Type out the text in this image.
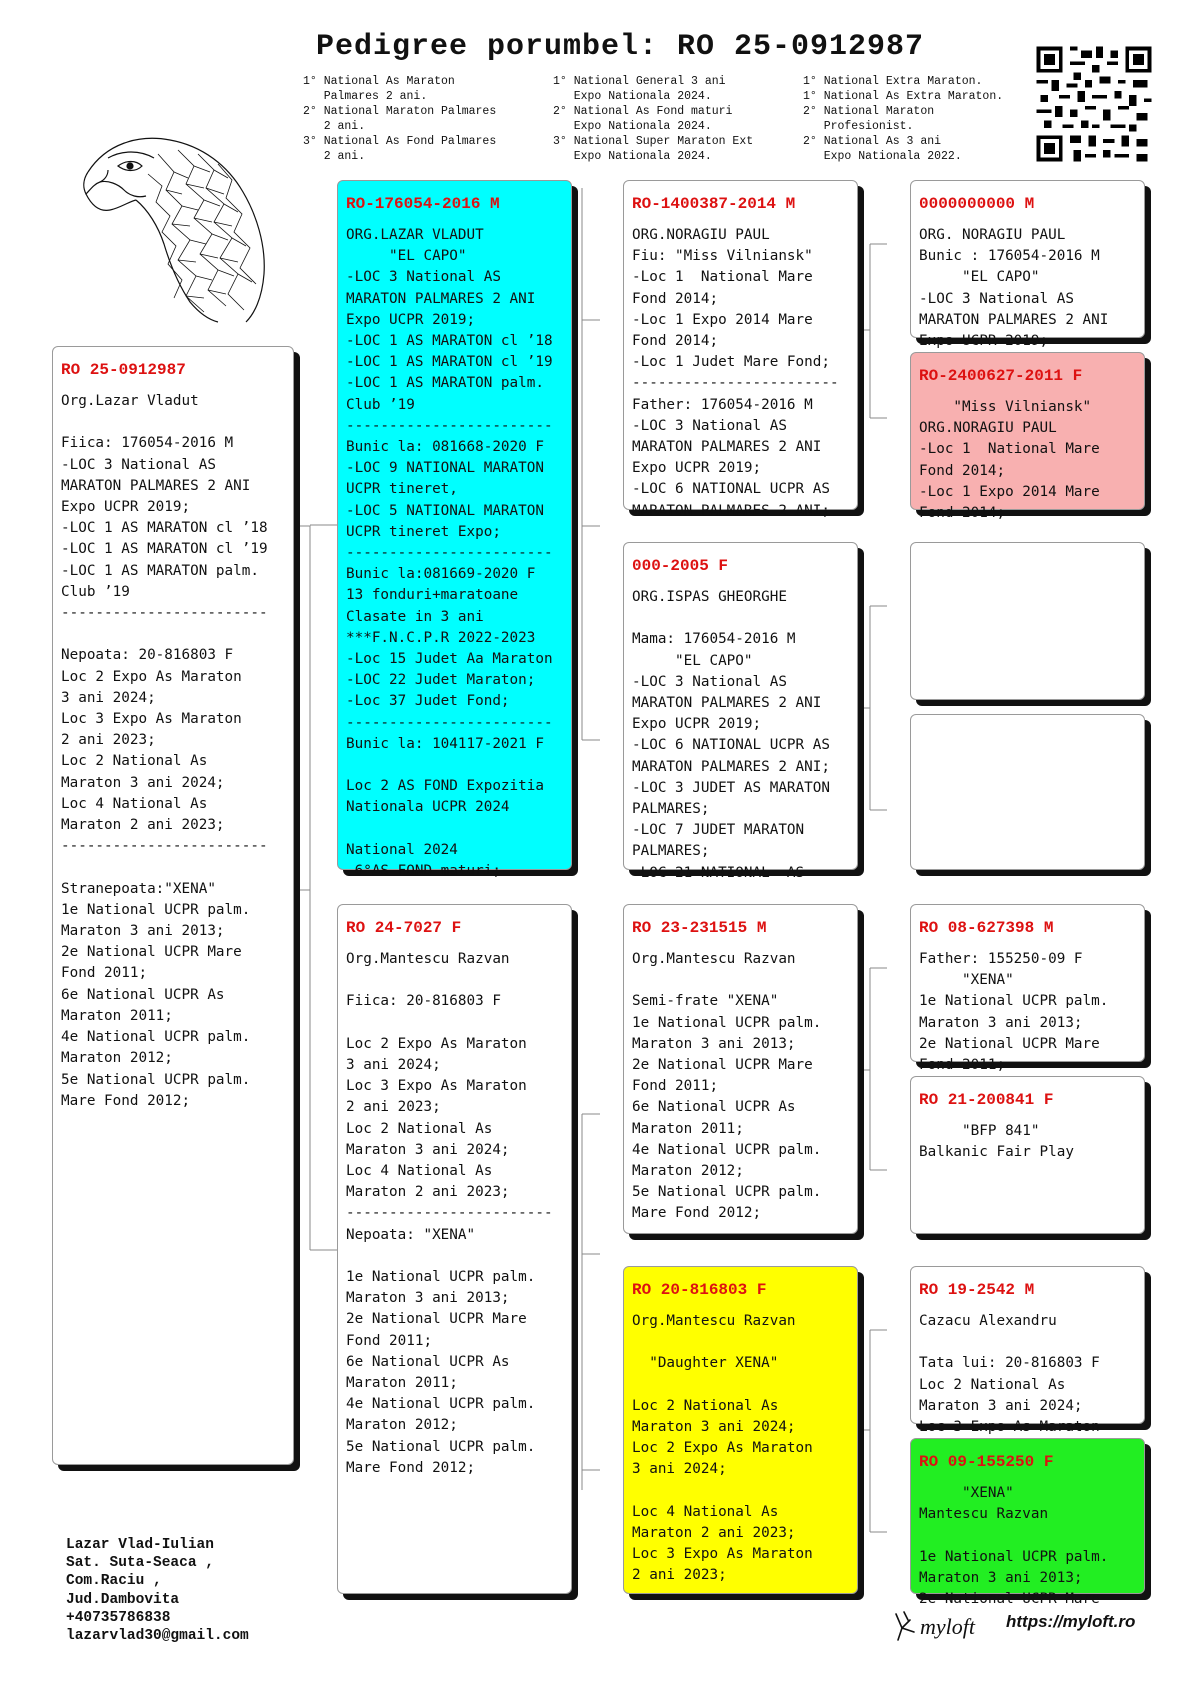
Pedigree porumbel: RO 25-0912987
1° National As Maraton
Palmares 2 ani.
2° National Maraton Palmares
2 ani.
3° National As Fond Palmares
2 ani.
1° National General 3 ani
Expo Nationala 2024.
2° National As Fond maturi
Expo Nationala 2024.
3° National Super Maraton Ext
Expo Nationala 2024.
1° National Extra Maraton.
1° National As Extra Maraton.
2° National Maraton
Profesionist.
2° National As 3 ani
Expo Nationala 2022.
RO 25-0912987
Org.Lazar Vladut

Fiica: 176054-2016 M
-LOC 3 National AS
MARATON PALMARES 2 ANI
Expo UCPR 2019;
-LOC 1 AS MARATON cl ’18
-LOC 1 AS MARATON cl ’19
-LOC 1 AS MARATON palm.
Club ’19
------------------------

Nepoata: 20-816803 F
Loc 2 Expo As Maraton
3 ani 2024;
Loc 3 Expo As Maraton
2 ani 2023;
Loc 2 National As
Maraton 3 ani 2024;
Loc 4 National As
Maraton 2 ani 2023;
------------------------

Stranepoata:"XENA"
1e National UCPR palm.
Maraton 3 ani 2013;
2e National UCPR Mare
Fond 2011;
6e National UCPR As
Maraton 2011;
4e National UCPR palm.
Maraton 2012;
5e National UCPR palm.
Mare Fond 2012;
RO-176054-2016 M
ORG.LAZAR VLADUT
"EL CAPO"
-LOC 3 National AS
MARATON PALMARES 2 ANI
Expo UCPR 2019;
-LOC 1 AS MARATON cl ’18
-LOC 1 AS MARATON cl ’19
-LOC 1 AS MARATON palm.
Club ’19
------------------------
Bunic la: 081668-2020 F
-LOC 9 NATIONAL MARATON
UCPR tineret,
-LOC 5 NATIONAL MARATON
UCPR tineret Expo;
------------------------
Bunic la:081669-2020 F
13 fonduri+maratoane
Clasate in 3 ani
***F.N.C.P.R 2022-2023
-Loc 15 Judet Aa Maraton
-LOC 22 Judet Maraton;
-Loc 37 Judet Fond;
------------------------
Bunic la: 104117-2021 F

Loc 2 AS FOND Expozitia
Nationala UCPR 2024

National 2024
6°AS FOND maturi;
RO 24-7027 F
Org.Mantescu Razvan

Fiica: 20-816803 F

Loc 2 Expo As Maraton
3 ani 2024;
Loc 3 Expo As Maraton
2 ani 2023;
Loc 2 National As
Maraton 3 ani 2024;
Loc 4 National As
Maraton 2 ani 2023;
------------------------
Nepoata: "XENA"

1e National UCPR palm.
Maraton 3 ani 2013;
2e National UCPR Mare
Fond 2011;
6e National UCPR As
Maraton 2011;
4e National UCPR palm.
Maraton 2012;
5e National UCPR palm.
Mare Fond 2012;
RO-1400387-2014 M
ORG.NORAGIU PAUL
Fiu: "Miss Vilniansk"
-Loc 1  National Mare
Fond 2014;
-Loc 1 Expo 2014 Mare
Fond 2014;
-Loc 1 Judet Mare Fond;
------------------------
Father: 176054-2016 M
-LOC 3 National AS
MARATON PALMARES 2 ANI
Expo UCPR 2019;
-LOC 6 NATIONAL UCPR AS
MARATON PALMARES 2 ANI;
000-2005 F
ORG.ISPAS GHEORGHE

Mama: 176054-2016 M
"EL CAPO"
-LOC 3 National AS
MARATON PALMARES 2 ANI
Expo UCPR 2019;
-LOC 6 NATIONAL UCPR AS
MARATON PALMARES 2 ANI;
-LOC 3 JUDET AS MARATON
PALMARES;
-LOC 7 JUDET MARATON
PALMARES;
-LOC 21 NATIONAL  AS
RO 23-231515 M
Org.Mantescu Razvan

Semi-frate "XENA"
1e National UCPR palm.
Maraton 3 ani 2013;
2e National UCPR Mare
Fond 2011;
6e National UCPR As
Maraton 2011;
4e National UCPR palm.
Maraton 2012;
5e National UCPR palm.
Mare Fond 2012;
RO 20-816803 F
Org.Mantescu Razvan

"Daughter XENA"

Loc 2 National As
Maraton 3 ani 2024;
Loc 2 Expo As Maraton
3 ani 2024;

Loc 4 National As
Maraton 2 ani 2023;
Loc 3 Expo As Maraton
2 ani 2023;
0000000000 M
ORG. NORAGIU PAUL
Bunic : 176054-2016 M
"EL CAPO"
-LOC 3 National AS
MARATON PALMARES 2 ANI
Expo UCPR 2019;
RO-2400627-2011 F
"Miss Vilniansk"
ORG.NORAGIU PAUL
-Loc 1  National Mare
Fond 2014;
-Loc 1 Expo 2014 Mare
Fond 2014;
RO 08-627398 M
Father: 155250-09 F
"XENA"
1e National UCPR palm.
Maraton 3 ani 2013;
2e National UCPR Mare
Fond 2011;
RO 21-200841 F
"BFP 841"
Balkanic Fair Play
RO 19-2542 M
Cazacu Alexandru

Tata lui: 20-816803 F
Loc 2 National As
Maraton 3 ani 2024;
Loc 3 Expo As Maraton
RO 09-155250 F
"XENA"
Mantescu Razvan

1e National UCPR palm.
Maraton 3 ani 2013;
2e National UCPR Mare
Lazar Vlad-Iulian
Sat. Suta-Seaca ,
Com.Raciu ,
Jud.Dambovita
+40735786838
lazarvlad30@gmail.com	myloft https://myloft.ro
